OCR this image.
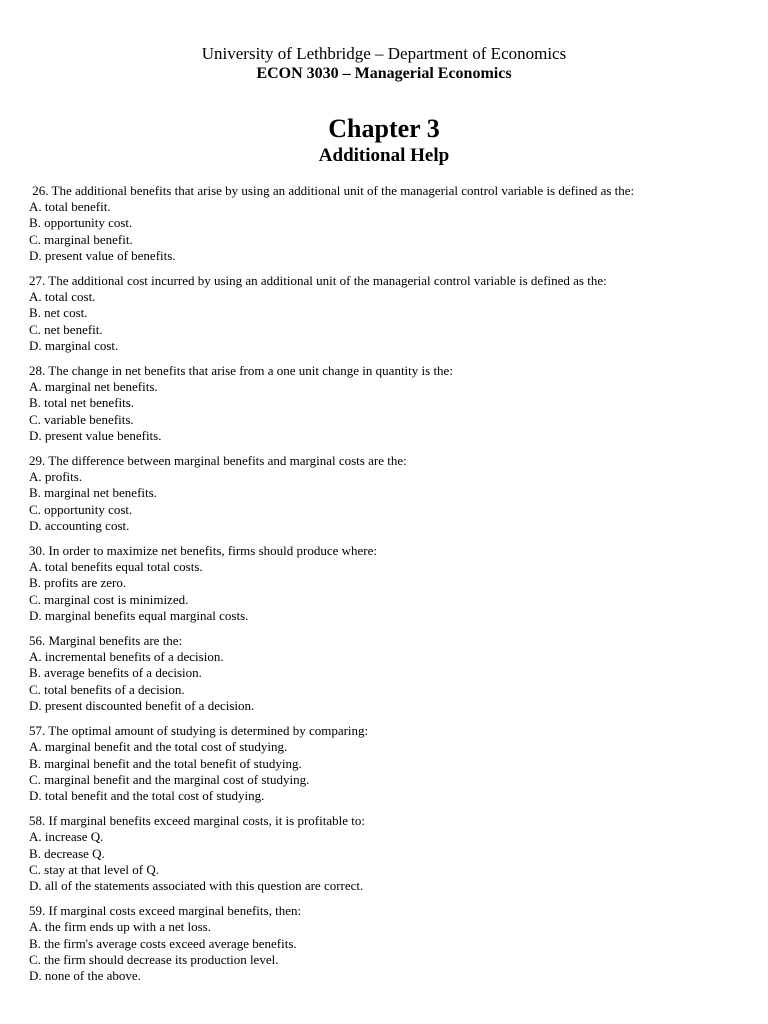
University of Lethbridge – Department of Economics

ECON 3030 – Managerial Economics

Chapter 3
Additional Help

26. The additional benefits that arise by using an additional unit of the managerial control variable is defined as the:

A. total benefit.

B. opportunity cost.

C. marginal benefit.

D. present value of benefits.

27. The additional cost incurred by using an additional unit of the managerial control variable is defined as the:

A. total cost.

B. net cost.

C. net benefit.

D. marginal cost.

28. The change in net benefits that arise from a one unit change in quantity is the:

A. marginal net benefits.

B. total net benefits.

C. variable benefits.

D. present value benefits.

29. The difference between marginal benefits and marginal costs are the:

A. profits.

B. marginal net benefits.

C. opportunity cost.

D. accounting cost.

30. In order to maximize net benefits, firms should produce where:

A. total benefits equal total costs.

B. profits are zero.

C. marginal cost is minimized.

D. marginal benefits equal marginal costs.

56. Marginal benefits are the:

A. incremental benefits of a decision.

B. average benefits of a decision.

C. total benefits of a decision.

D. present discounted benefit of a decision.

57. The optimal amount of studying is determined by comparing:

A. marginal benefit and the total cost of studying.

B. marginal benefit and the total benefit of studying.

C. marginal benefit and the marginal cost of studying.

D. total benefit and the total cost of studying.

58. If marginal benefits exceed marginal costs, it is profitable to:

A. increase Q.

B. decrease Q.

C. stay at that level of Q.

D. all of the statements associated with this question are correct.

59. If marginal costs exceed marginal benefits, then:

A. the firm ends up with a net loss.

B. the firm's average costs exceed average benefits.

C. the firm should decrease its production level.

D. none of the above.
